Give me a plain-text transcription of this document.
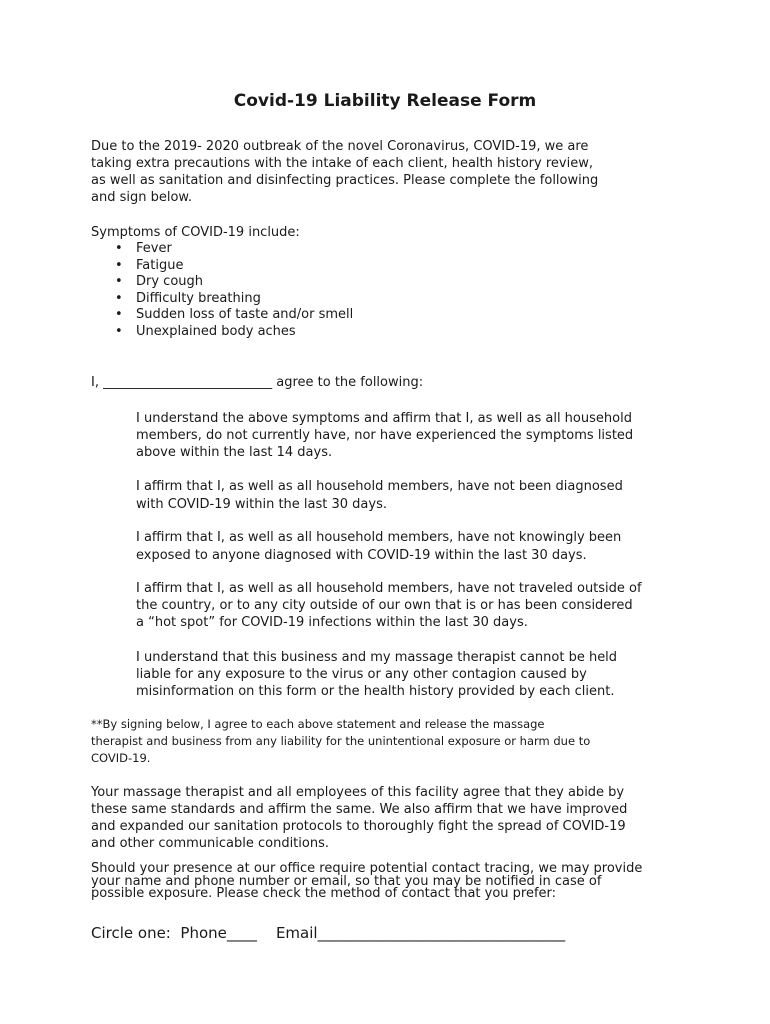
Covid-19 Liability Release Form

Due to the 2019- 2020 outbreak of the novel Coronavirus, COVID-19, we are
taking extra precautions with the intake of each client, health history review,
as well as sanitation and disinfecting practices. Please complete the following
and sign below.

Symptoms of COVID-19 include:

• Fever
• Fatigue
• Dry cough
• Difficulty breathing
• Sudden loss of taste and/or smell
• Unexplained body aches

I, __________________________ agree to the following:

I understand the above symptoms and affirm that I, as well as all household
members, do not currently have, nor have experienced the symptoms listed
above within the last 14 days.

I affirm that I, as well as all household members, have not been diagnosed
with COVID-19 within the last 30 days.

I affirm that I, as well as all household members, have not knowingly been
exposed to anyone diagnosed with COVID-19 within the last 30 days.

I affirm that I, as well as all household members, have not traveled outside of
the country, or to any city outside of our own that is or has been considered
a “hot spot” for COVID-19 infections within the last 30 days.

I understand that this business and my massage therapist cannot be held
liable for any exposure to the virus or any other contagion caused by
misinformation on this form or the health history provided by each client.

**By signing below, I agree to each above statement and release the massage
therapist and business from any liability for the unintentional exposure or harm due to
COVID-19.

Your massage therapist and all employees of this facility agree that they abide by
these same standards and affirm the same. We also affirm that we have improved
and expanded our sanitation protocols to thoroughly fight the spread of COVID-19
and other communicable conditions.

Should your presence at our office require potential contact tracing, we may provide
your name and phone number or email, so that you may be notified in case of
possible exposure. Please check the method of contact that you prefer:

Circle one: Phone____ Email_________________________________
